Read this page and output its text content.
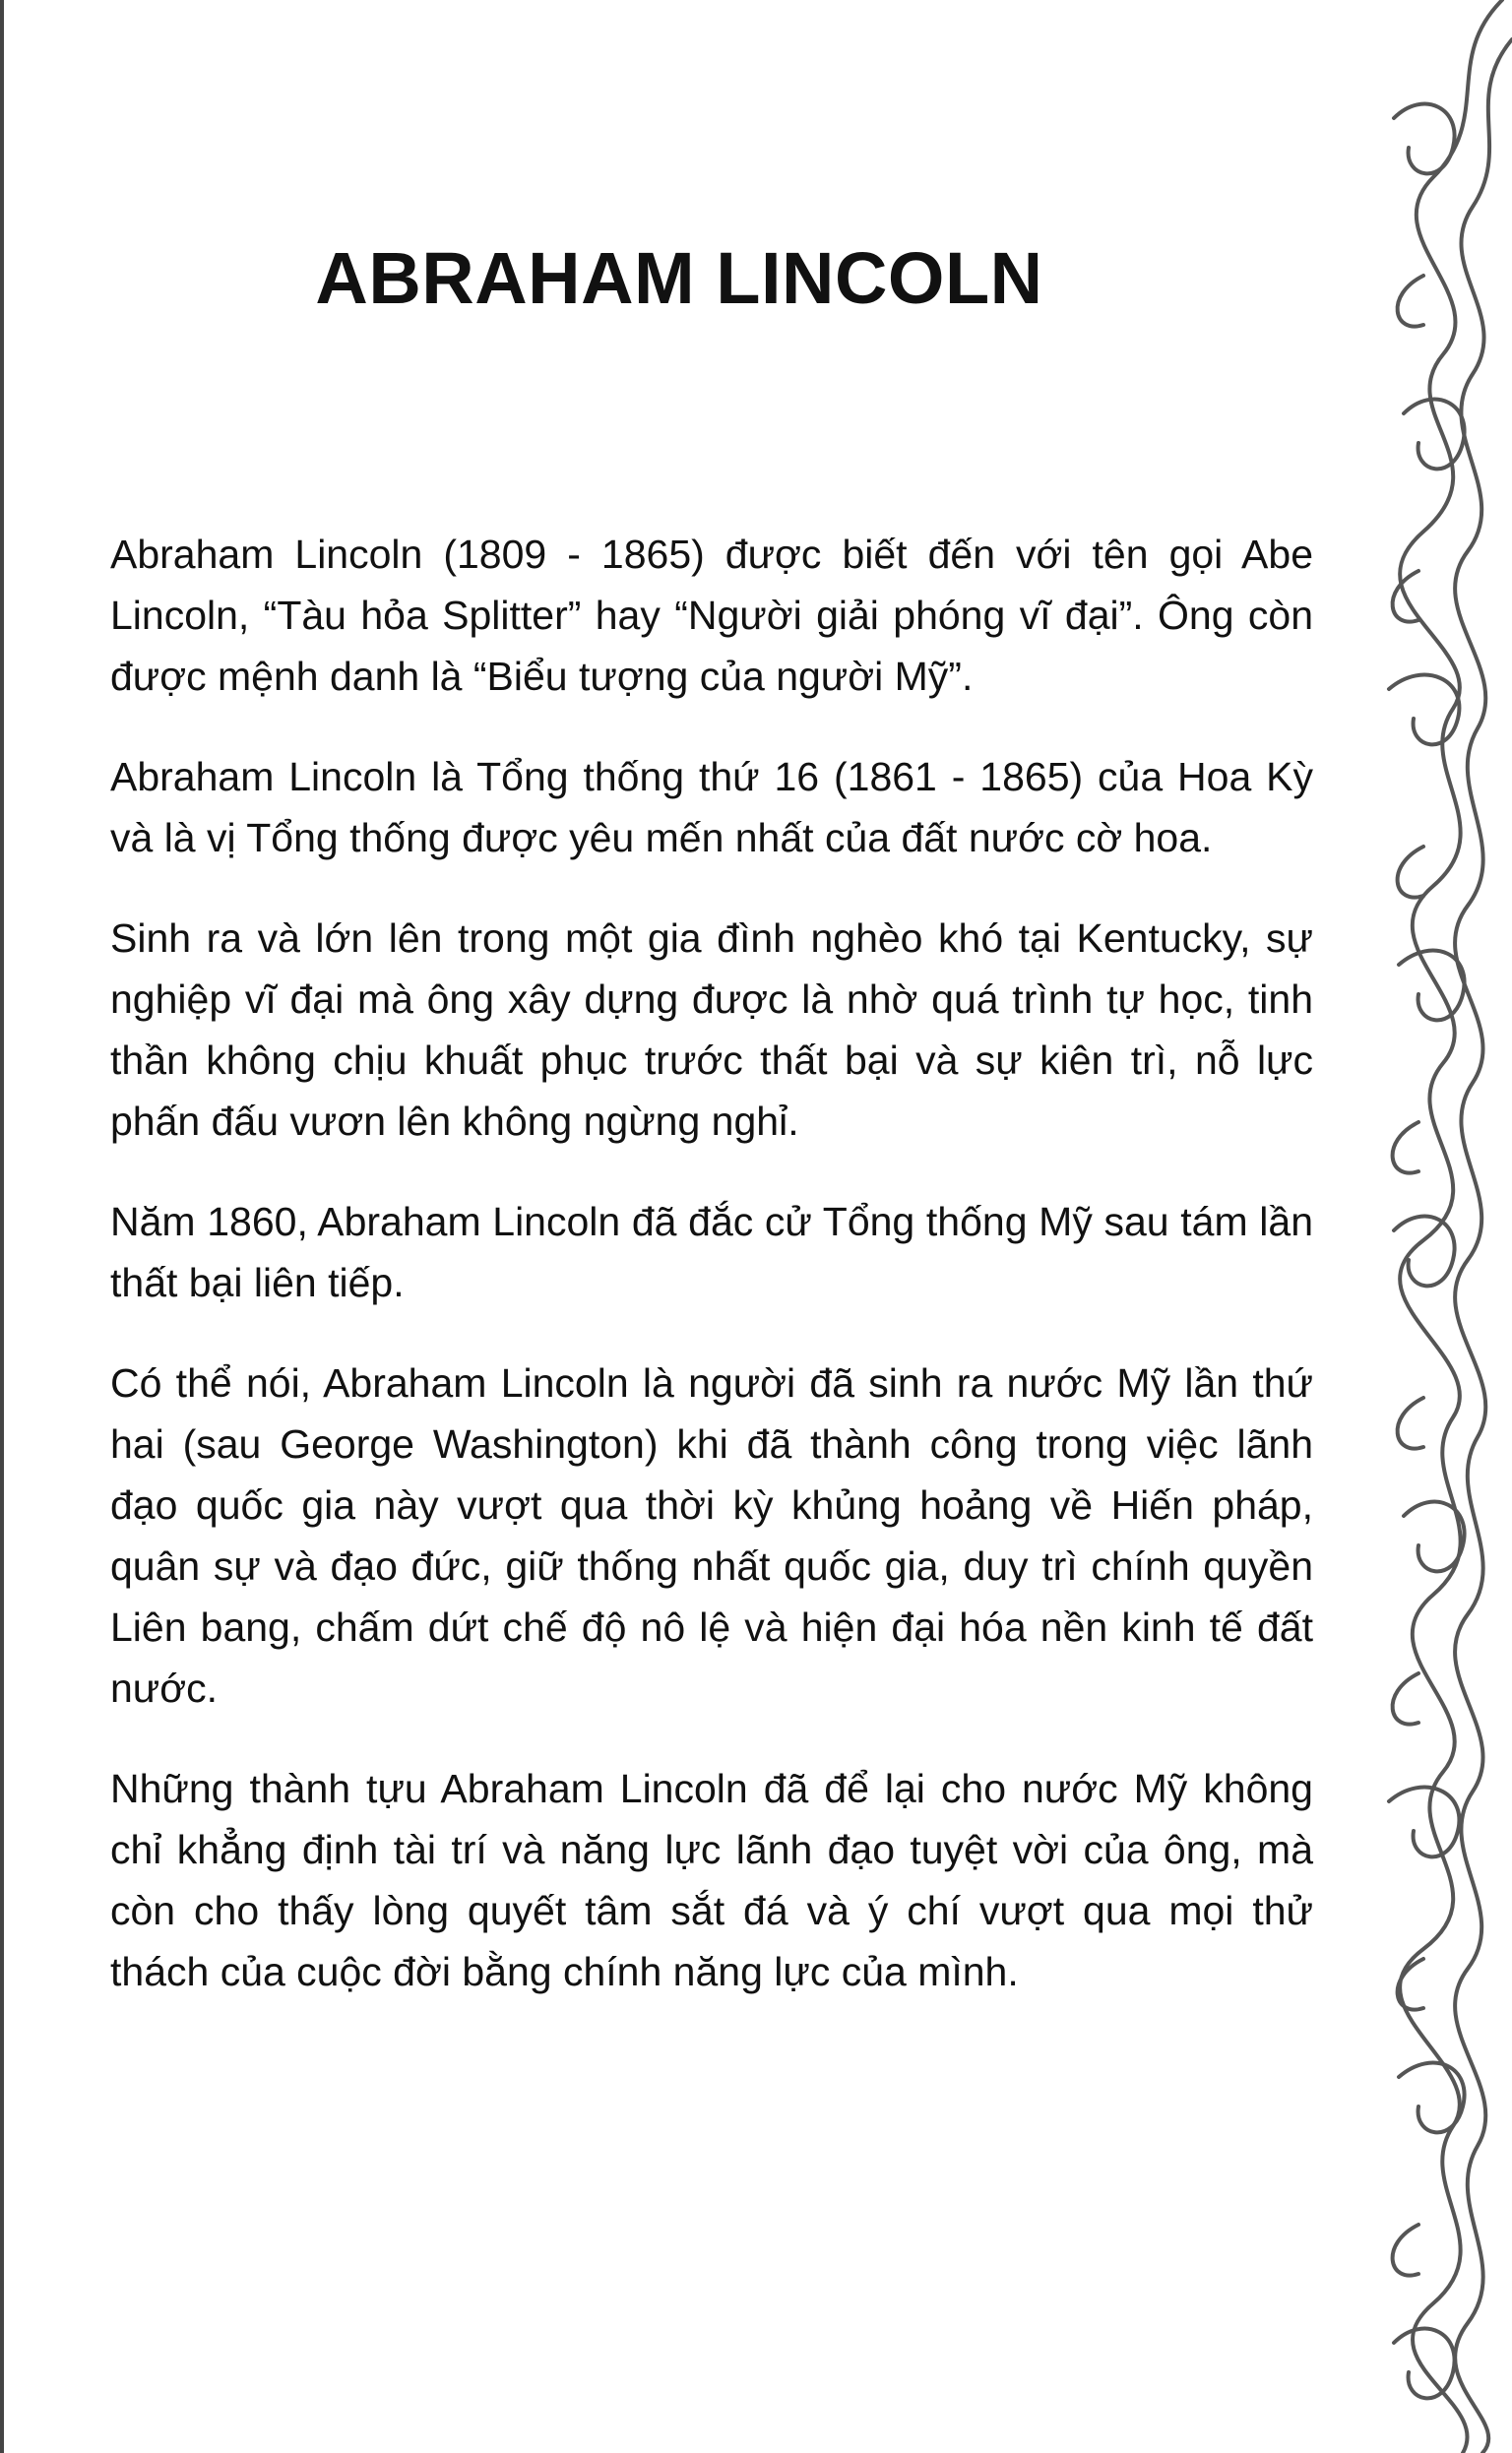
ABRAHAM LINCOLN

Abraham Lincoln (1809 - 1865) được biết đến với tên gọi Abe Lincoln, “Tàu hỏa Splitter” hay “Người giải phóng vĩ đại”. Ông còn được mệnh danh là “Biểu tượng của người Mỹ”.

Abraham Lincoln là Tổng thống thứ 16 (1861 - 1865) của Hoa Kỳ và là vị Tổng thống được yêu mến nhất của đất nước cờ hoa.

Sinh ra và lớn lên trong một gia đình nghèo khó tại Kentucky, sự nghiệp vĩ đại mà ông xây dựng được là nhờ quá trình tự học, tinh thần không chịu khuất phục trước thất bại và sự kiên trì, nỗ lực phấn đấu vươn lên không ngừng nghỉ.

Năm 1860, Abraham Lincoln đã đắc cử Tổng thống Mỹ sau tám lần thất bại liên tiếp.

Có thể nói, Abraham Lincoln là người đã sinh ra nước Mỹ lần thứ hai (sau George Washington) khi đã thành công trong việc lãnh đạo quốc gia này vượt qua thời kỳ khủng hoảng về Hiến pháp, quân sự và đạo đức, giữ thống nhất quốc gia, duy trì chính quyền Liên bang, chấm dứt chế độ nô lệ và hiện đại hóa nền kinh tế đất nước.

Những thành tựu Abraham Lincoln đã để lại cho nước Mỹ không chỉ khẳng định tài trí và năng lực lãnh đạo tuyệt vời của ông, mà còn cho thấy lòng quyết tâm sắt đá và ý chí vượt qua mọi thử thách của cuộc đời bằng chính năng lực của mình.
